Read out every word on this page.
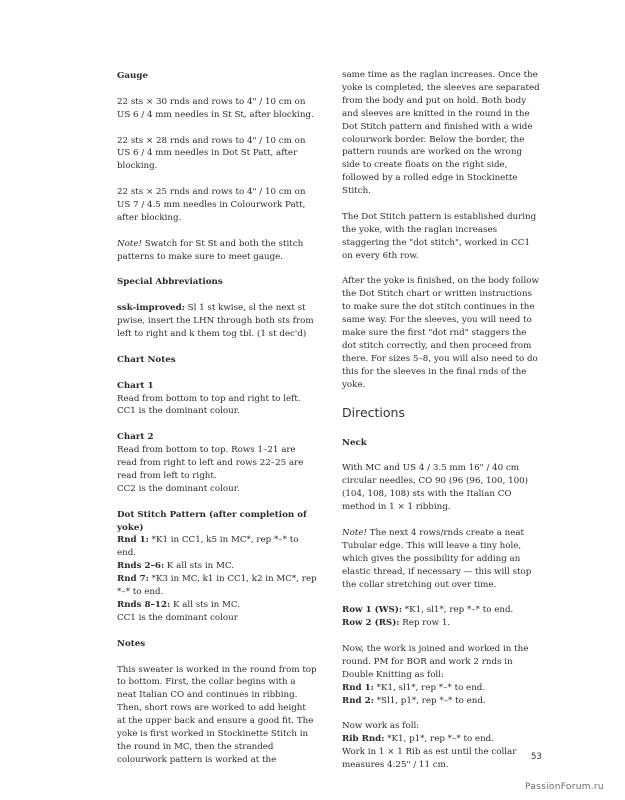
Gauge

22 sts × 30 rnds and rows to 4" / 10 cm on US 6 / 4 mm needles in St St, after blocking.

22 sts × 28 rnds and rows to 4" / 10 cm on US 6 / 4 mm needles in Dot St Patt, after blocking.

22 sts × 25 rnds and rows to 4" / 10 cm on US 7 / 4.5 mm needles in Colourwork Patt, after blocking.

Note! Swatch for St St and both the stitch patterns to make sure to meet gauge.

Special Abbreviations

ssk-improved: Sl 1 st kwise, sl the next st pwise, insert the LHN through both sts from left to right and k them tog tbl. (1 st dec'd)

Chart Notes

Chart 1
Read from bottom to top and right to left.
CC1 is the dominant colour.

Chart 2
Read from bottom to top. Rows 1–21 are read from right to left and rows 22–25 are read from left to right.
CC2 is the dominant colour.

Dot Stitch Pattern (after completion of yoke)
Rnd 1: *K1 in CC1, k5 in MC*, rep *–* to end.
Rnds 2–6: K all sts in MC.
Rnd 7: *K3 in MC, k1 in CC1, k2 in MC*, rep *–* to end.
Rnds 8–12: K all sts in MC.
CC1 is the dominant colour

Notes

This sweater is worked in the round from top to bottom. First, the collar begins with a neat Italian CO and continues in ribbing. Then, short rows are worked to add height at the upper back and ensure a good fit. The yoke is first worked in Stockinette Stitch in the round in MC, then the stranded colourwork pattern is worked at the

same time as the raglan increases. Once the yoke is completed, the sleeves are separated from the body and put on hold. Both body and sleeves are knitted in the round in the Dot Stitch pattern and finished with a wide colourwork border. Below the border, the pattern rounds are worked on the wrong side to create floats on the right side, followed by a rolled edge in Stockinette Stitch.

The Dot Stitch pattern is established during the yoke, with the raglan increases staggering the "dot stitch", worked in CC1 on every 6th row.

After the yoke is finished, on the body follow the Dot Stitch chart or written instructions to make sure the dot stitch continues in the same way. For the sleeves, you will need to make sure the first "dot rnd" staggers the dot stitch correctly, and then proceed from there. For sizes 5–8, you will also need to do this for the sleeves in the final rnds of the yoke.

Directions
Neck

With MC and US 4 / 3.5 mm 16" / 40 cm circular needles, CO 90 (96 (96, 100, 100) (104, 108, 108) sts with the Italian CO method in 1 × 1 ribbing.

Note! The next 4 rows/rnds create a neat Tubular edge. This will leave a tiny hole, which gives the possibility for adding an elastic thread, if necessary — this will stop the collar stretching out over time.

Row 1 (WS): *K1, sl1*, rep *–* to end.
Row 2 (RS): Rep row 1.

Now, the work is joined and worked in the round. PM for BOR and work 2 rnds in Double Knitting as foll:
Rnd 1: *K1, sl1*, rep *–* to end.
Rnd 2: *Sl1, p1*, rep *–* to end.

Now work as foll:
Rib Rnd: *K1, p1*, rep *–* to end.
Work in 1 × 1 Rib as est until the collar measures 4.25" / 11 cm.

53
PassionForum.ru
